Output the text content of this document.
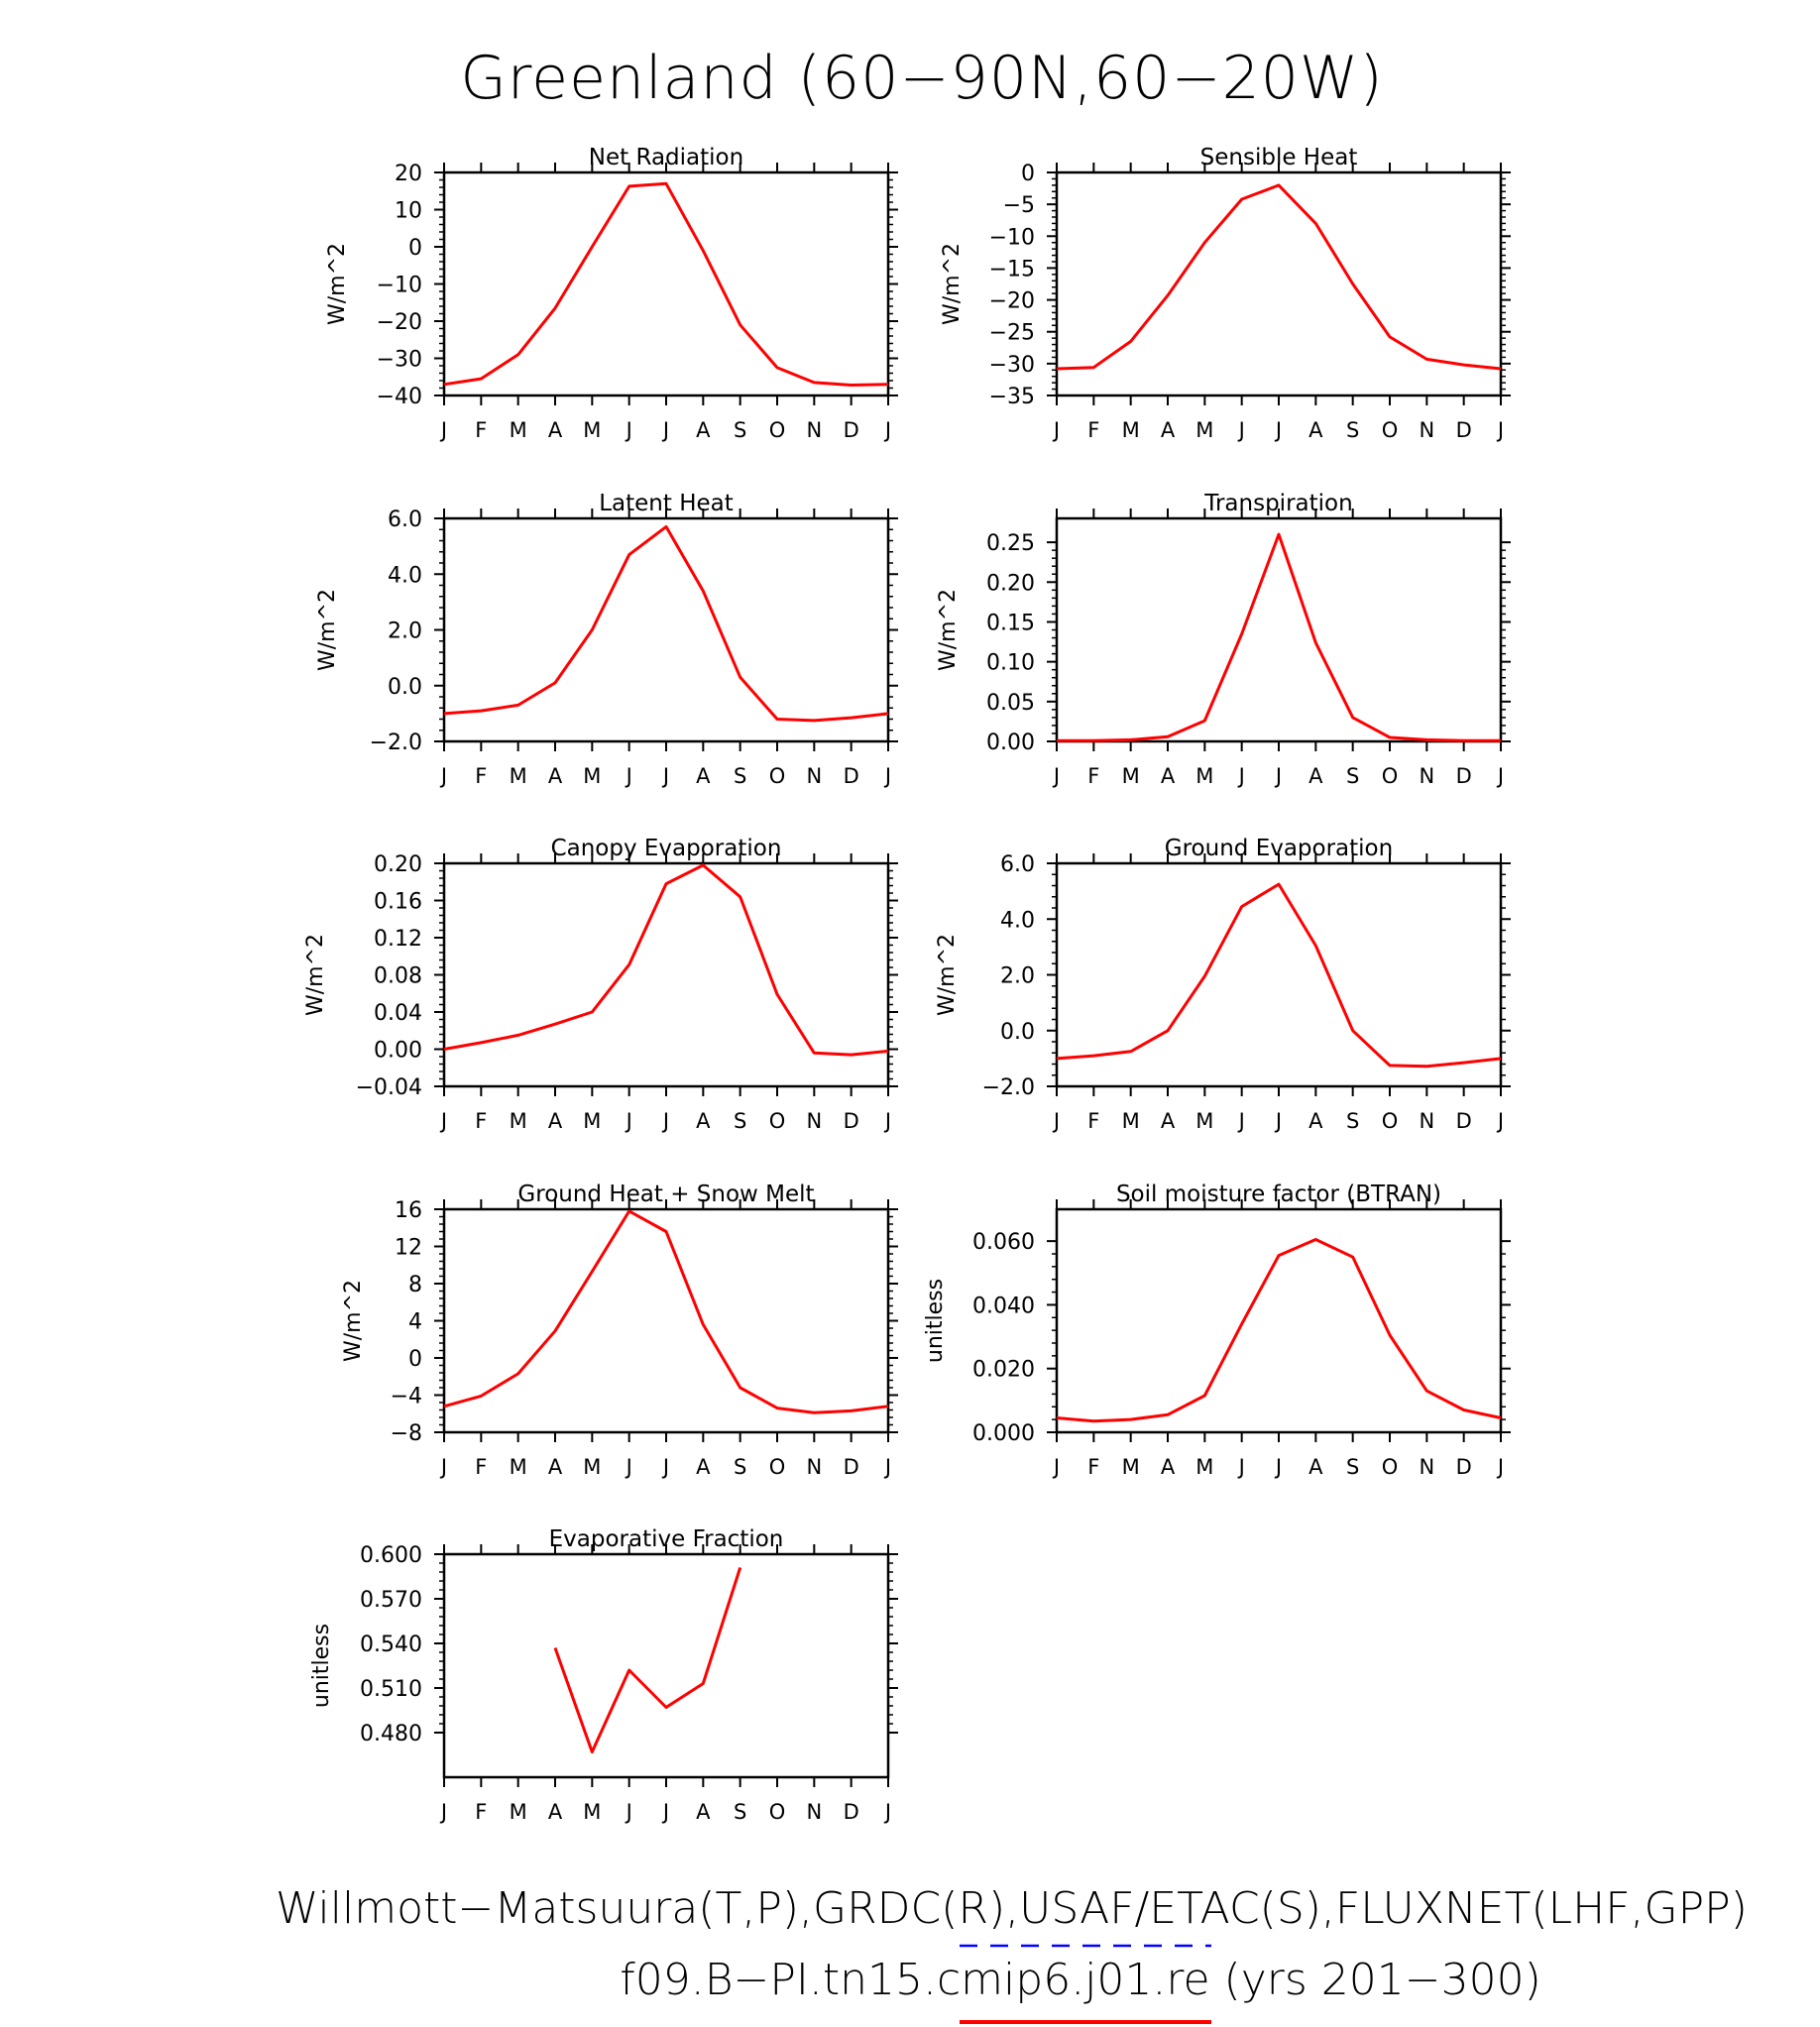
Greenland (60−90N,60−20W)
Net Radiation
J F M A M J J A S O N D J
−40
−30
−20
−10
0
10
20
W/m^2
Sensible Heat
J F M A M J J A S O N D J
−35
−30
−25
−20
−15
−10
−5
0
W/m^2
Latent Heat
J F M A M J J A S O N D J
−2.0
0.0
2.0
4.0
6.0
W/m^2
Transpiration
J F M A M J J A S O N D J
0.00
0.05
0.10
0.15
0.20
0.25
W/m^2
Canopy Evaporation
J F M A M J J A S O N D J
−0.04
0.00
0.04
0.08
0.12
0.16
0.20
W/m^2
Ground Evaporation
J F M A M J J A S O N D J
−2.0
0.0
2.0
4.0
6.0
W/m^2
Ground Heat + Snow Melt
J F M A M J J A S O N D J
−8
−4
0
4
8
12
16
W/m^2
Soil moisture factor (BTRAN)
J F M A M J J A S O N D J
0.000
0.020
0.040
0.060
unitless
Evaporative Fraction
J F M A M J J A S O N D J
0.480
0.510
0.540
0.570
0.600
unitless
Willmott−Matsuura(T,P),GRDC(R),USAF/ETAC(S),FLUXNET(LHF,GPP)
f09.B−PI.tn15.cmip6.j01.re (yrs 201−300)
